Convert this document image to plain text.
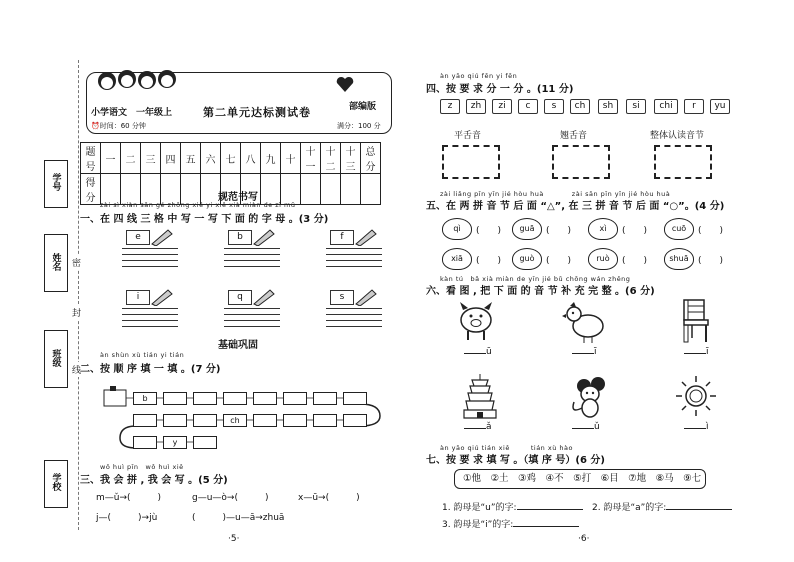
学号
姓名
班级
学校
密
封
线
小学语文　一年级上	第二单元达标测试卷	部编版
⏰时间：60 分钟	满分：100 分
题号	一	二	三	四	五	六	七	八	九	十	十一	十二	十三	总分
得分															规范书写
zài sì xiàn sān gé zhōng xiě yi xiě xià miàn de zì mǔ
一、在 四 线 三 格 中 写 一 写 下 面 的 字 母 。(3 分)
e	b	f
i	q	s
基础巩固
àn shùn xù tián yi tián
二、按 顺 序 填 一 填 。(7 分)
b
ch
y
wǒ huì pīn　wǒ huì xiě
三、我 会 拼 , 我 会 写 。(5 分)
m—ǔ→(　　　)	g—u—ò→(　　　)	x—ū→(　　　)
j—(　　　)→jù	(　　　)—u—ā→zhuā
·5·
àn yāo qiú fēn yi fēn
四、按 要 求 分 一 分 。(11 分)
z	zh	zi	c	s	ch	sh	si	chi	r	yu
平舌音	翘舌音	整体认读音节
zài liǎng pīn yīn jié hòu huà　　　　zài sān pīn yīn jié hòu huà
五、在 两 拼 音 节 后 面 “△”, 在 三 拼 音 节 后 面 “○”。(4 分)
qì	guā	xì	cuō
xiā	guò	ruò	shuā
(　　)	(　　)	(　　)	(　　)
(　　)	(　　)	(　　)	(　　)
kàn tú　bǎ xià miàn de yīn jié bǔ chōng wán zhěng
六、看 图 , 把 下 面 的 音 节 补 充 完 整 。(6 分)
ū	ī	ī
ǎ	ǔ	ì
àn yāo qiú tián xiě　　　tián xù hào
七、按 要 求 填 写 。（填 序 号）(6 分)
①他　②土　③鸡　④不　⑤打　⑥目　⑦地　⑧马　⑨七
1. 韵母是“u”的字:	2. 韵母是“a”的字:
3. 韵母是“i”的字:
·6·
